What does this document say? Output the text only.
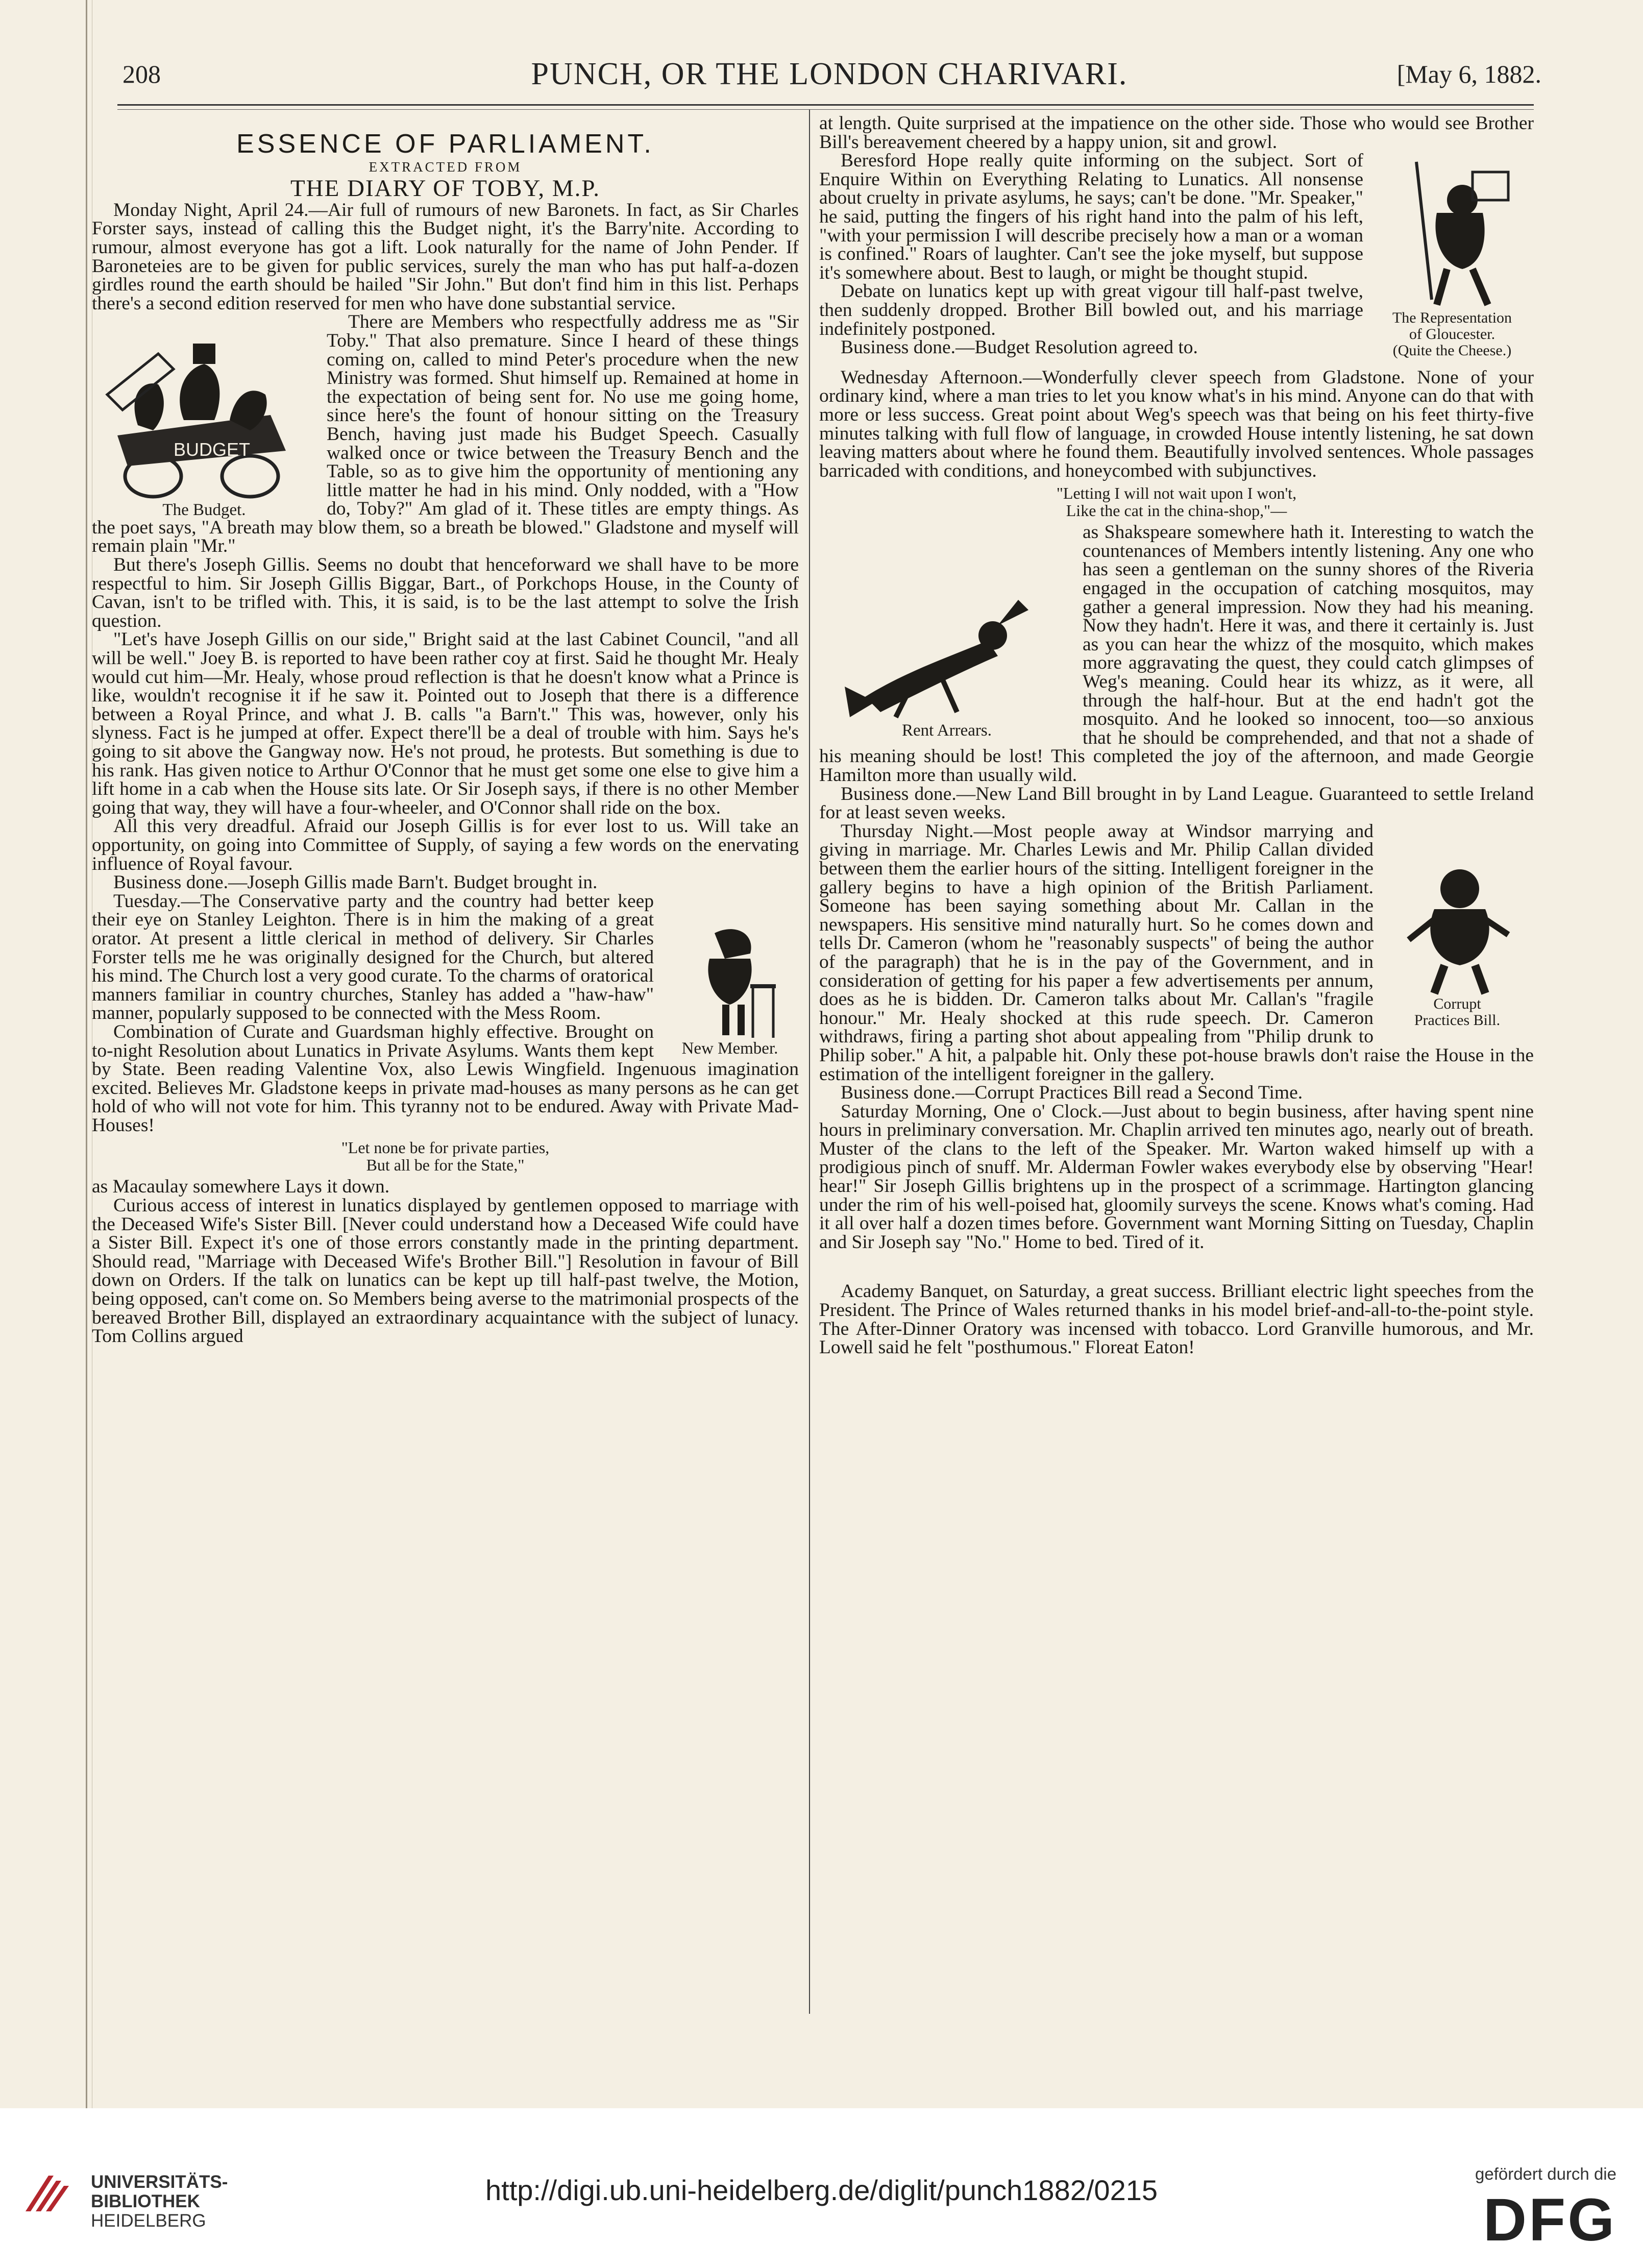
208	PUNCH, OR THE LONDON CHARIVARI.	[May 6, 1882.
ESSENCE OF PARLIAMENT.
EXTRACTED FROM
THE DIARY OF TOBY, M.P.

Monday Night, April 24.—Air full of rumours of new Baronets. In fact, as Sir Charles Forster says, instead of calling this the Budget night, it's the Barry'nite. According to rumour, almost everyone has got a lift. Look naturally for the name of John Pender. If Baroneteies are to be given for public services, surely the man who has put half-a-dozen girdles round the earth should be hailed "Sir John." But don't find him in this list. Perhaps there's a second edition reserved for men who have done substantial service.

BUDGET
The Budget.

There are Members who respectfully address me as "Sir Toby." That also premature. Since I heard of these things coming on, called to mind Peter's procedure when the new Ministry was formed. Shut himself up. Remained at home in the expectation of being sent for. No use me going home, since here's the fount of honour sitting on the Treasury Bench, having just made his Budget Speech. Casually walked once or twice between the Treasury Bench and the Table, so as to give him the opportunity of mentioning any little matter he had in his mind. Only nodded, with a "How do, Toby?" Am glad of it. These titles are empty things. As the poet says, "A breath may blow them, so a breath be blowed." Gladstone and myself will remain plain "Mr."

But there's Joseph Gillis. Seems no doubt that henceforward we shall have to be more respectful to him. Sir Joseph Gillis Biggar, Bart., of Porkchops House, in the County of Cavan, isn't to be trifled with. This, it is said, is to be the last attempt to solve the Irish question.

"Let's have Joseph Gillis on our side," Bright said at the last Cabinet Council, "and all will be well." Joey B. is reported to have been rather coy at first. Said he thought Mr. Healy would cut him—Mr. Healy, whose proud reflection is that he doesn't know what a Prince is like, wouldn't recognise it if he saw it. Pointed out to Joseph that there is a difference between a Royal Prince, and what J. B. calls "a Barn't." This was, however, only his slyness. Fact is he jumped at offer. Expect there'll be a deal of trouble with him. Says he's going to sit above the Gangway now. He's not proud, he protests. But something is due to his rank. Has given notice to Arthur O'Connor that he must get some one else to give him a lift home in a cab when the House sits late. Or Sir Joseph says, if there is no other Member going that way, they will have a four-wheeler, and O'Connor shall ride on the box.

All this very dreadful. Afraid our Joseph Gillis is for ever lost to us. Will take an opportunity, on going into Committee of Supply, of saying a few words on the enervating influence of Royal favour.

Business done.—Joseph Gillis made Barn't. Budget brought in.

New Member.

Tuesday.—The Conservative party and the country had better keep their eye on Stanley Leighton. There is in him the making of a great orator. At present a little clerical in method of delivery. Sir Charles Forster tells me he was originally designed for the Church, but altered his mind. The Church lost a very good curate. To the charms of oratorical manners familiar in country churches, Stanley has added a "haw-haw" manner, popularly supposed to be connected with the Mess Room.

Combination of Curate and Guardsman highly effective. Brought on to-night Resolution about Lunatics in Private Asylums. Wants them kept by State. Been reading Valentine Vox, also Lewis Wingfield. Ingenuous imagination excited. Believes Mr. Gladstone keeps in private mad-houses as many persons as he can get hold of who will not vote for him. This tyranny not to be endured. Away with Private Mad-Houses!

"Let none be for private parties,
But all be for the State,"

as Macaulay somewhere Lays it down.

Curious access of interest in lunatics displayed by gentlemen opposed to marriage with the Deceased Wife's Sister Bill. [Never could understand how a Deceased Wife could have a Sister Bill. Expect it's one of those errors constantly made in the printing department. Should read, "Marriage with Deceased Wife's Brother Bill."] Resolution in favour of Bill down on Orders. If the talk on lunatics can be kept up till half-past twelve, the Motion, being opposed, can't come on. So Members being averse to the matrimonial prospects of the bereaved Brother Bill, displayed an extraordinary acquaintance with the subject of lunacy. Tom Collins argued

at length. Quite surprised at the impatience on the other side. Those who would see Brother Bill's bereavement cheered by a happy union, sit and growl.

The Representation
of Gloucester.
(Quite the Cheese.)

Beresford Hope really quite informing on the subject. Sort of Enquire Within on Everything Relating to Lunatics. All nonsense about cruelty in private asylums, he says; can't be done. "Mr. Speaker," he said, putting the fingers of his right hand into the palm of his left, "with your permission I will describe precisely how a man or a woman is confined." Roars of laughter. Can't see the joke myself, but suppose it's somewhere about. Best to laugh, or might be thought stupid.

Debate on lunatics kept up with great vigour till half-past twelve, then suddenly dropped. Brother Bill bowled out, and his marriage indefinitely postponed.

Business done.—Budget Resolution agreed to.

Wednesday Afternoon.—Wonderfully clever speech from Gladstone. None of your ordinary kind, where a man tries to let you know what's in his mind. Anyone can do that with more or less success. Great point about Weg's speech was that being on his feet thirty-five minutes talking with full flow of language, in crowded House intently listening, he sat down leaving matters about where he found them. Beautifully involved sentences. Whole passages barricaded with conditions, and honeycombed with subjunctives.

"Letting I will not wait upon I won't,
Like the cat in the china-shop,"—
Rent Arrears.

as Shakspeare somewhere hath it. Interesting to watch the countenances of Members intently listening. Any one who has seen a gentleman on the sunny shores of the Riveria engaged in the occupation of catching mosquitos, may gather a general impression. Now they had his meaning. Now they hadn't. Here it was, and there it certainly is. Just as you can hear the whizz of the mosquito, which makes more aggravating the quest, they could catch glimpses of Weg's meaning. Could hear its whizz, as it were, all through the half-hour. But at the end hadn't got the mosquito. And he looked so innocent, too—so anxious that he should be comprehended, and that not a shade of his meaning should be lost! This completed the joy of the afternoon, and made Georgie Hamilton more than usually wild.

Business done.—New Land Bill brought in by Land League. Guaranteed to settle Ireland for at least seven weeks.

Corrupt
Practices Bill.

Thursday Night.—Most people away at Windsor marrying and giving in marriage. Mr. Charles Lewis and Mr. Philip Callan divided between them the earlier hours of the sitting. Intelligent foreigner in the gallery begins to have a high opinion of the British Parliament. Someone has been saying something about Mr. Callan in the newspapers. His sensitive mind naturally hurt. So he comes down and tells Dr. Cameron (whom he "reasonably suspects" of being the author of the paragraph) that he is in the pay of the Government, and in consideration of getting for his paper a few advertisements per annum, does as he is bidden. Dr. Cameron talks about Mr. Callan's "fragile honour." Mr. Healy shocked at this rude speech. Dr. Cameron withdraws, firing a parting shot about appealing from "Philip drunk to Philip sober." A hit, a palpable hit. Only these pot-house brawls don't raise the House in the estimation of the intelligent foreigner in the gallery.

Business done.—Corrupt Practices Bill read a Second Time.

Saturday Morning, One o' Clock.—Just about to begin business, after having spent nine hours in preliminary conversation. Mr. Chaplin arrived ten minutes ago, nearly out of breath. Muster of the clans to the left of the Speaker. Mr. Warton waked himself up with a prodigious pinch of snuff. Mr. Alderman Fowler wakes everybody else by observing "Hear! hear!" Sir Joseph Gillis brightens up in the prospect of a scrimmage. Hartington glancing under the rim of his well-poised hat, gloomily surveys the scene. Knows what's coming. Had it all over half a dozen times before. Government want Morning Sitting on Tuesday, Chaplin and Sir Joseph say "No." Home to bed. Tired of it.

Academy Banquet, on Saturday, a great success. Brilliant electric light speeches from the President. The Prince of Wales returned thanks in his model brief-and-all-to-the-point style. The After-Dinner Oratory was incensed with tobacco. Lord Granville humorous, and Mr. Lowell said he felt "posthumous." Floreat Eaton!

UNIVERSITÄTS-
BIBLIOTHEK
HEIDELBERG
http://digi.ub.uni-heidelberg.de/diglit/punch1882/0215
gefördert durch die
DFG
